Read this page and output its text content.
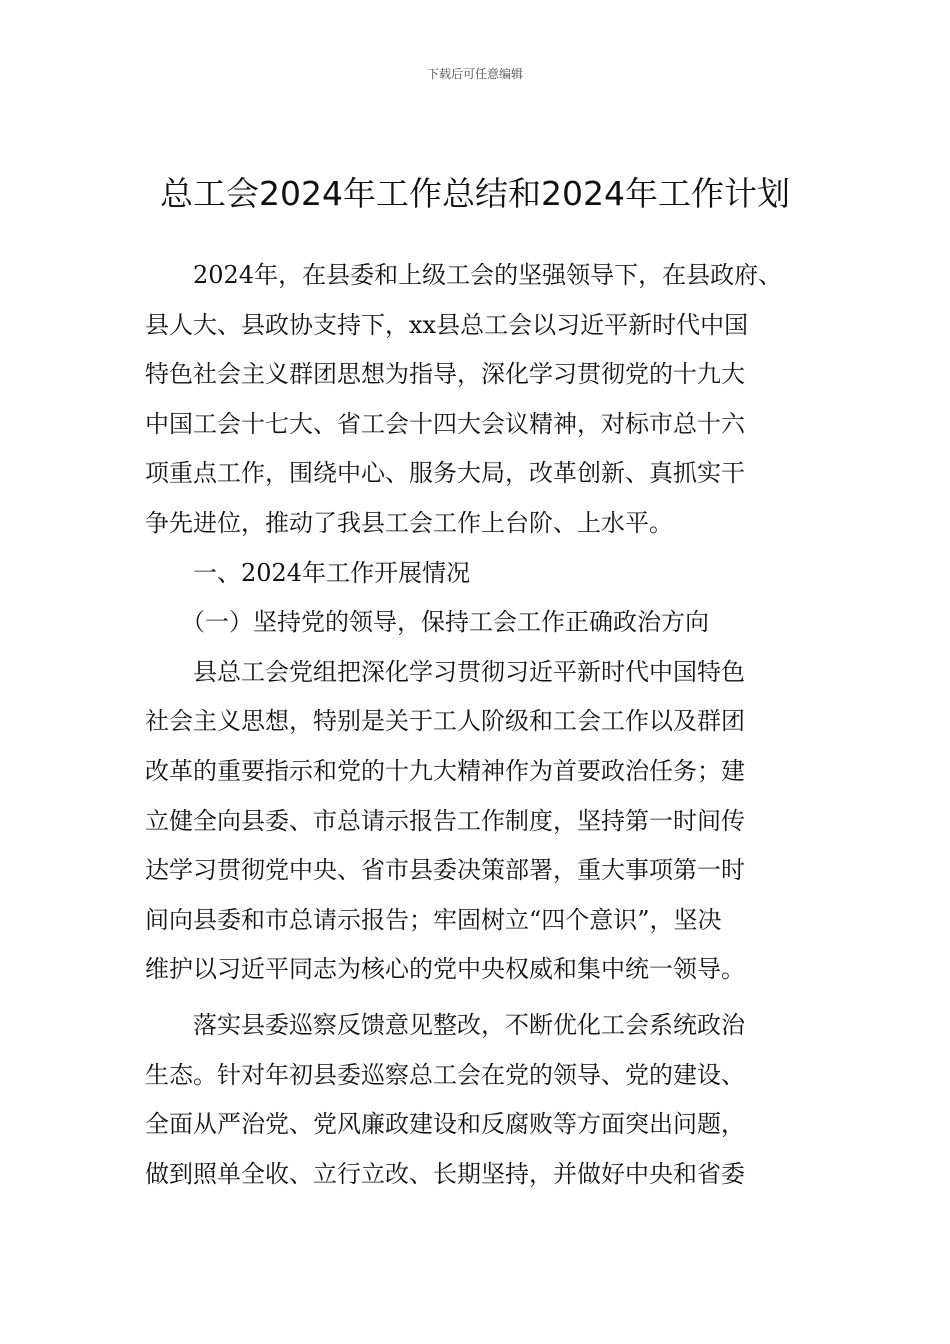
下载后可任意编辑
总工会2024年工作总结和2024年工作计划
2024年，在县委和上级工会的坚强领导下，在县政府、
县人大、县政协支持下，xx县总工会以习近平新时代中国
特色社会主义群团思想为指导，深化学习贯彻党的十九大
中国工会十七大、省工会十四大会议精神，对标市总十六
项重点工作，围绕中心、服务大局，改革创新、真抓实干
争先进位，推动了我县工会工作上台阶、上水平。
一、2024年工作开展情况
（一）坚持党的领导，保持工会工作正确政治方向
县总工会党组把深化学习贯彻习近平新时代中国特色
社会主义思想，特别是关于工人阶级和工会工作以及群团
改革的重要指示和党的十九大精神作为首要政治任务；建
立健全向县委、市总请示报告工作制度，坚持第一时间传
达学习贯彻党中央、省市县委决策部署，重大事项第一时
间向县委和市总请示报告；牢固树立“四个意识”，坚决
维护以习近平同志为核心的党中央权威和集中统一领导。
落实县委巡察反馈意见整改，不断优化工会系统政治
生态。针对年初县委巡察总工会在党的领导、党的建设、
全面从严治党、党风廉政建设和反腐败等方面突出问题，
做到照单全收、立行立改、长期坚持，并做好中央和省委
